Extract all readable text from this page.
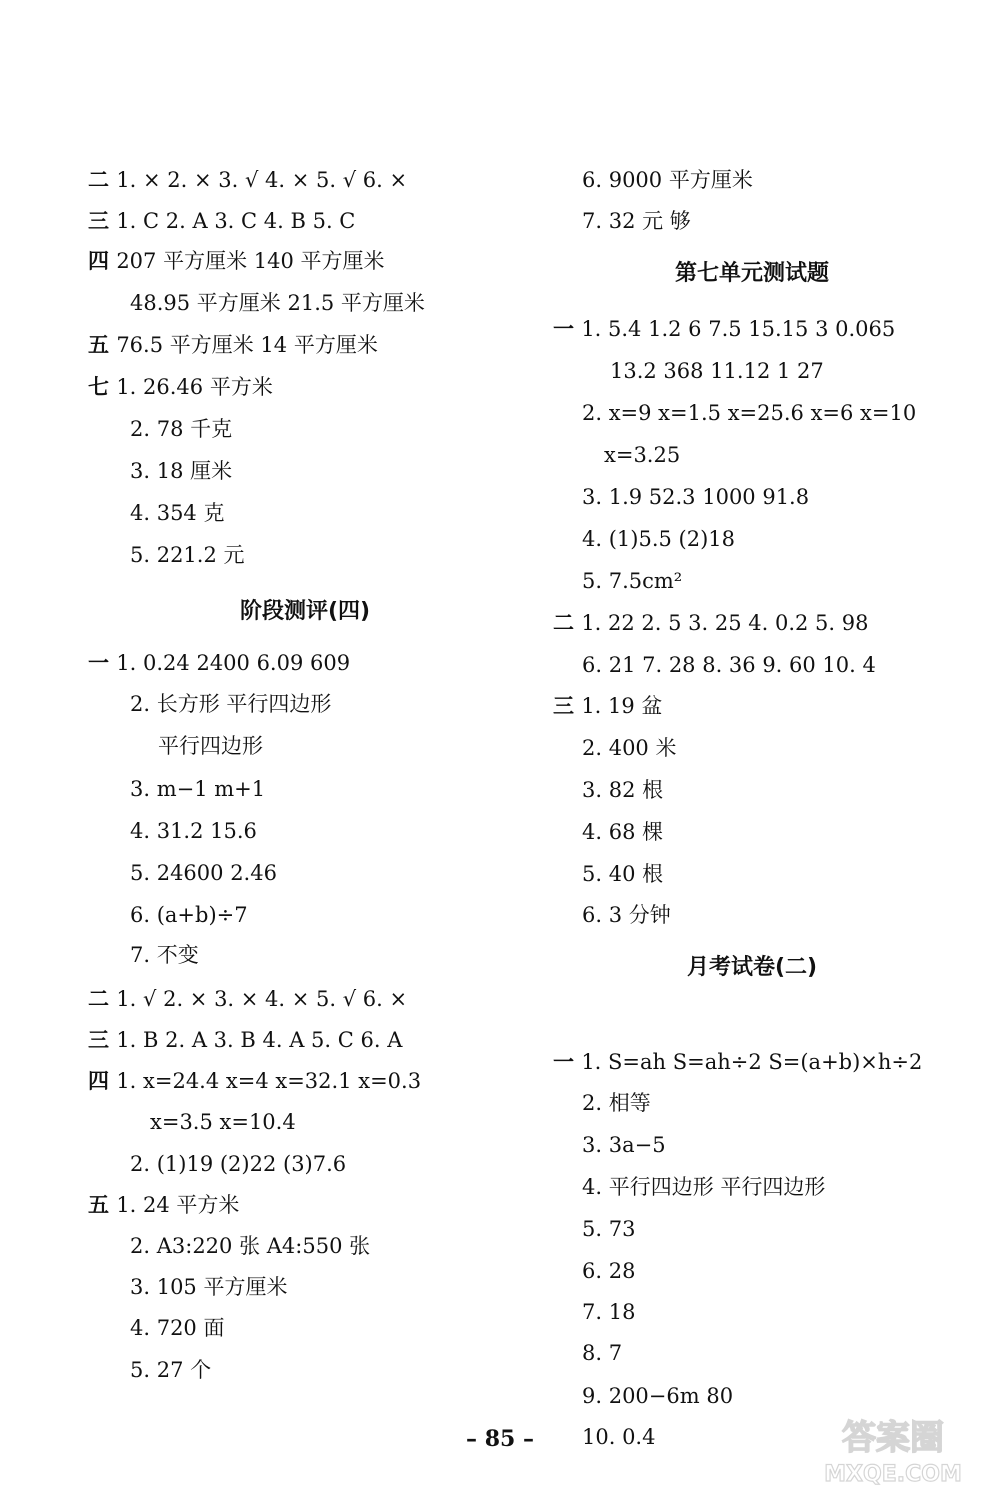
二 1. × 2. × 3. √ 4. × 5. √ 6. ×
三 1. C 2. A 3. C 4. B 5. C
四 207 平方厘米 140 平方厘米
48.95 平方厘米 21.5 平方厘米
五 76.5 平方厘米 14 平方厘米
七 1. 26.46 平方米
2. 78 千克
3. 18 厘米
4. 354 克
5. 221.2 元
一 1. 0.24 2400 6.09 609
2. 长方形 平行四边形
平行四边形
3. m−1 m+1
4. 31.2 15.6
5. 24600 2.46
6. (a+b)÷7
7. 不变
二 1. √ 2. × 3. × 4. × 5. √ 6. ×
三 1. B 2. A 3. B 4. A 5. C 6. A
四 1. x=24.4 x=4 x=32.1 x=0.3
x=3.5 x=10.4
2. (1)19 (2)22 (3)7.6
五 1. 24 平方米
2. A3:220 张 A4:550 张
3. 105 平方厘米
4. 720 面
5. 27 个
阶段测评(四)
6. 9000 平方厘米
7. 32 元 够
一 1. 5.4 1.2 6 7.5 15.15 3 0.065
13.2 368 11.12 1 27
2. x=9 x=1.5 x=25.6 x=6 x=10
x=3.25
3. 1.9 52.3 1000 91.8
4. (1)5.5 (2)18
5. 7.5cm²
二 1. 22 2. 5 3. 25 4. 0.2 5. 98
6. 21 7. 28 8. 36 9. 60 10. 4
三 1. 19 盆
2. 400 米
3. 82 根
4. 68 棵
5. 40 根
6. 3 分钟
一 1. S=ah S=ah÷2 S=(a+b)×h÷2
2. 相等
3. 3a−5
4. 平行四边形 平行四边形
5. 73
6. 28
7. 18
8. 7
9. 200−6m 80
10. 0.4
第七单元测试题
月考试卷(二)
– 85 –	答案圈
MXQE.COM
